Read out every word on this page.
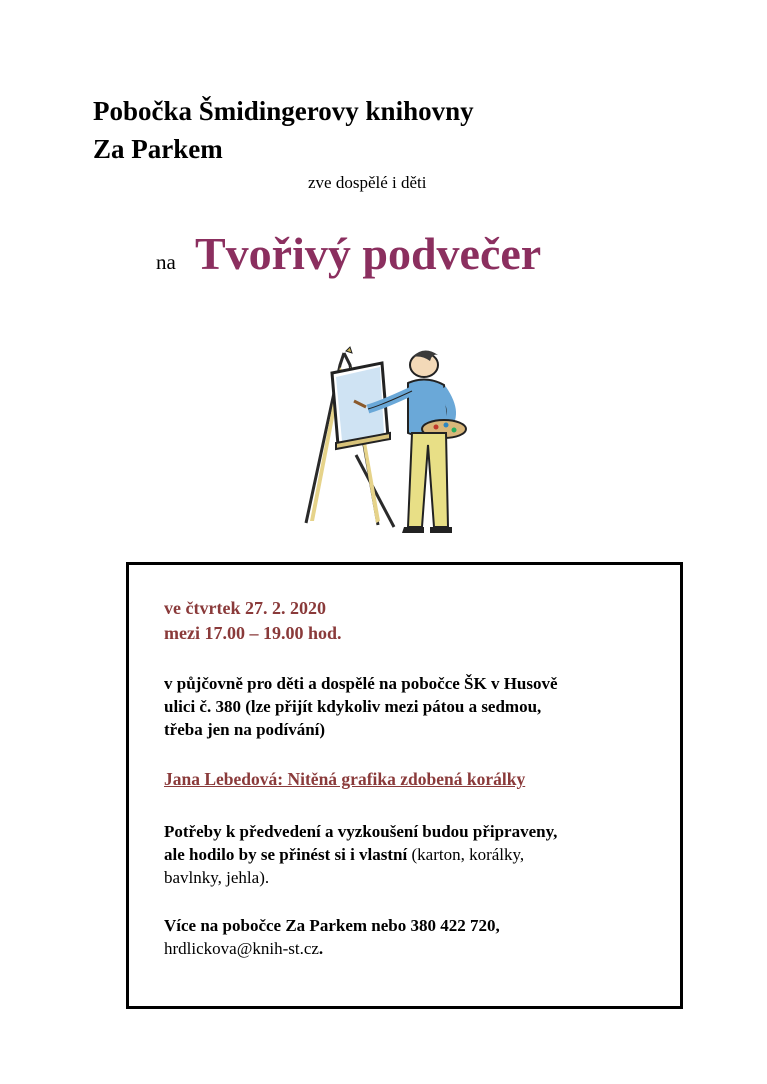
Pobočka Šmidingerovy knihovny
Za Parkem
zve dospělé i děti
na Tvořivý podvečer
ve čtvrtek 27. 2. 2020
mezi 17.00 – 19.00 hod.
v půjčovně pro děti a dospělé na pobočce ŠK v Husově
ulici č. 380 (lze přijít kdykoliv mezi pátou a sedmou,
třeba jen na podívání)
Jana Lebedová: Nitěná grafika zdobená korálky
Potřeby k předvedení a vyzkoušení budou připraveny,
ale hodilo by se přinést si i vlastní (karton, korálky,
bavlnky, jehla).
Více na pobočce Za Parkem nebo 380 422 720,
hrdlickova@knih-st.cz.
